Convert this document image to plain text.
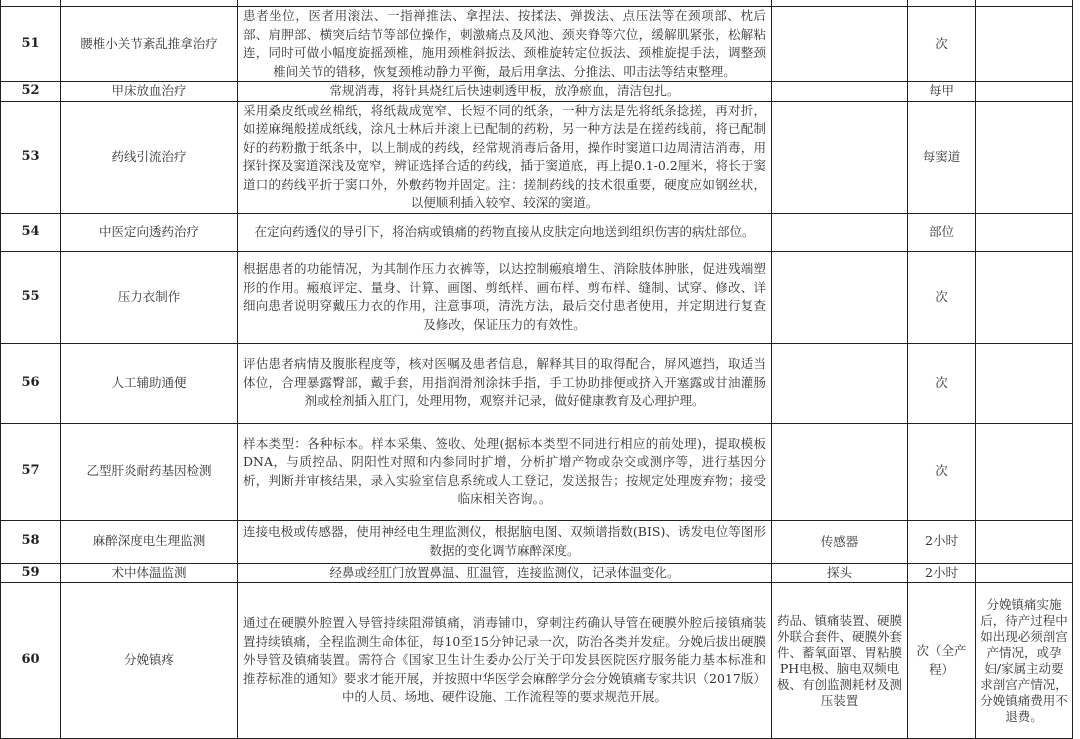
51	腰椎小关节紊乱推拿治疗	患者坐位，医者用滚法、一指禅推法、拿捏法、按揉法、弹拨法、点压法等在颈项部、枕后部、肩胛部、横突后结节等部位操作，刺激痛点及风池、颈夹脊等穴位，缓解肌紧张，松解粘连，同时可做小幅度旋摇颈椎，施用颈椎斜扳法、颈椎旋转定位扳法、颈椎旋提手法，调整颈椎间关节的错移，恢复颈椎动静力平衡，最后用拿法、分推法、叩击法等结束整理。		次	
52	甲床放血治疗	常规消毒，将针具烧红后快速刺透甲板，放净瘀血，清洁包扎。		每甲	
53	药线引流治疗	采用桑皮纸或丝棉纸，将纸裁成宽窄、长短不同的纸条，一种方法是先将纸条捻搓，再对折，如搓麻绳般搓成纸线，涂凡士林后并滚上已配制的药粉，另一种方法是在搓药线前，将已配制好的药粉撒于纸条中，以上制成的药线，经常规消毒后备用，操作时窦道口边周清洁消毒，用探针探及窦道深浅及宽窄，辨证选择合适的药线，插于窦道底，再上提0.1-0.2厘米，将长于窦道口的药线平折于窦口外，外敷药物并固定。注：搓制药线的技术很重要，硬度应如钢丝状，以便顺利插入较窄、较深的窦道。		每窦道	
54	中医定向透药治疗	在定向药透仪的导引下，将治病或镇痛的药物直接从皮肤定向地送到组织伤害的病灶部位。		部位	
55	压力衣制作	根据患者的功能情况，为其制作压力衣裤等，以达控制瘢痕增生、消除肢体肿胀，促进残端塑形的作用。瘢痕评定、量身、计算、画图、剪纸样、画布样、剪布样、缝制、试穿、修改、详细向患者说明穿戴压力衣的作用，注意事项，清洗方法，最后交付患者使用，并定期进行复查及修改，保证压力的有效性。		次	
56	人工辅助通便	评估患者病情及腹胀程度等，核对医嘱及患者信息，解释其目的取得配合，屏风遮挡，取适当体位，合理暴露臀部，戴手套，用指润滑剂涂抹手指，手工协助排便或挤入开塞露或甘油灌肠剂或栓剂插入肛门，处理用物，观察并记录，做好健康教育及心理护理。		次	
57	乙型肝炎耐药基因检测	样本类型：各种标本。样本采集、签收、处理(据标本类型不同进行相应的前处理)，提取模板DNA，与质控品、阴阳性对照和内参同时扩增，分析扩增产物或杂交或测序等，进行基因分析，判断并审核结果，录入实验室信息系统或人工登记，发送报告；按规定处理废弃物；接受临床相关咨询。。		次	
58	麻醉深度电生理监测	连接电极或传感器，使用神经电生理监测仪，根据脑电图、双频谱指数(BIS)、诱发电位等图形数据的变化调节麻醉深度。	传感器	2小时	
59	术中体温监测	经鼻或经肛门放置鼻温、肛温管，连接监测仪，记录体温变化。	探头	2小时	
60	分娩镇疼	通过在硬膜外腔置入导管持续阻滞镇痛，消毒铺巾，穿刺注药确认导管在硬膜外腔后接镇痛装置持续镇痛，全程监测生命体征，每10至15分钟记录一次，防治各类并发症。分娩后拔出硬膜外导管及镇痛装置。需符合《国家卫生计生委办公厅关于印发县医院医疗服务能力基本标准和推荐标准的通知》要求才能开展，并按照中华医学会麻醉学分会分娩镇痛专家共识（2017版）中的人员、场地、硬件设施、工作流程等的要求规范开展。	药品、镇痛装置、硬膜外联合套件、硬膜外套件、蓄氧面罩、胃粘膜PH电极、脑电双频电极、有创监测耗材及测压装置	次（全产程）	分娩镇痛实施后，待产过程中如出现必须剖宫产情况，或孕妇/家属主动要求剖宫产情况，分娩镇痛费用不退费。
